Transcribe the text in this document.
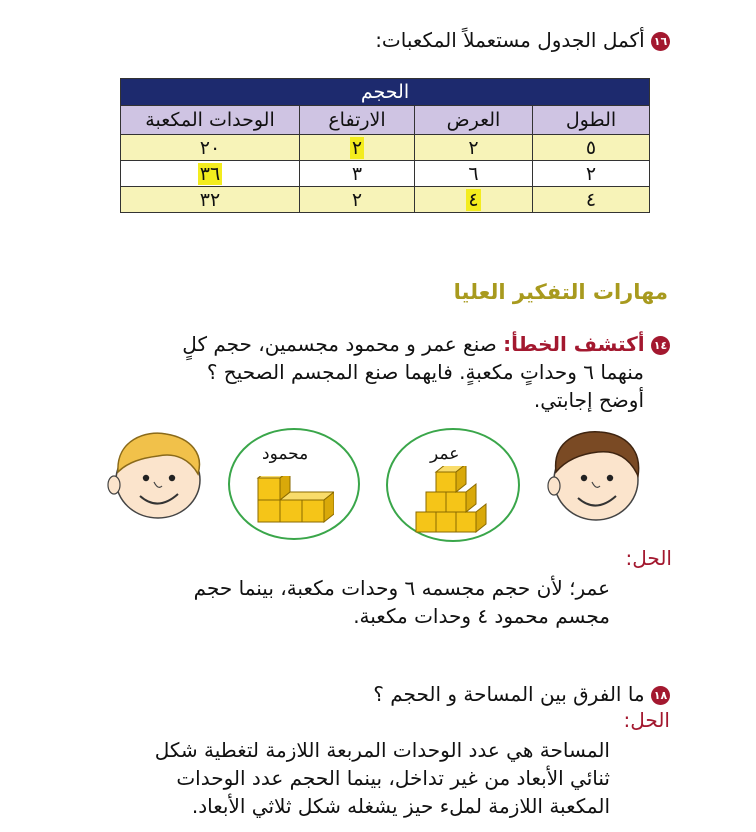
١٦ أكمل الجدول مستعملاً المكعبات:
الحجم			
الطول	العرض	الارتفاع	الوحدات المكعبة
٥	٢	٢	٢٠
٢	٦	٣	٣٦
٤	٤	٢	٣٢
مهارات التفكير العليا
١٤ أكتشف الخطأ: صنع عمر و محمود مجسمين، حجم كلٍ
منهما ٦ وحداتٍ مكعبةٍ. فايهما صنع المجسم الصحيح ؟
أوضح إجابتي.
محمود	عمر
الحل:
عمر؛ لأن حجم مجسمه ٦ وحدات مكعبة، بينما حجم
مجسم محمود ٤ وحدات مكعبة.
١٨ ما الفرق بين المساحة و الحجم ؟
الحل:
المساحة هي عدد الوحدات المربعة اللازمة لتغطية شكل
ثنائي الأبعاد من غير تداخل، بينما الحجم عدد الوحدات
المكعبة اللازمة لملء حيز يشغله شكل ثلاثي الأبعاد.
